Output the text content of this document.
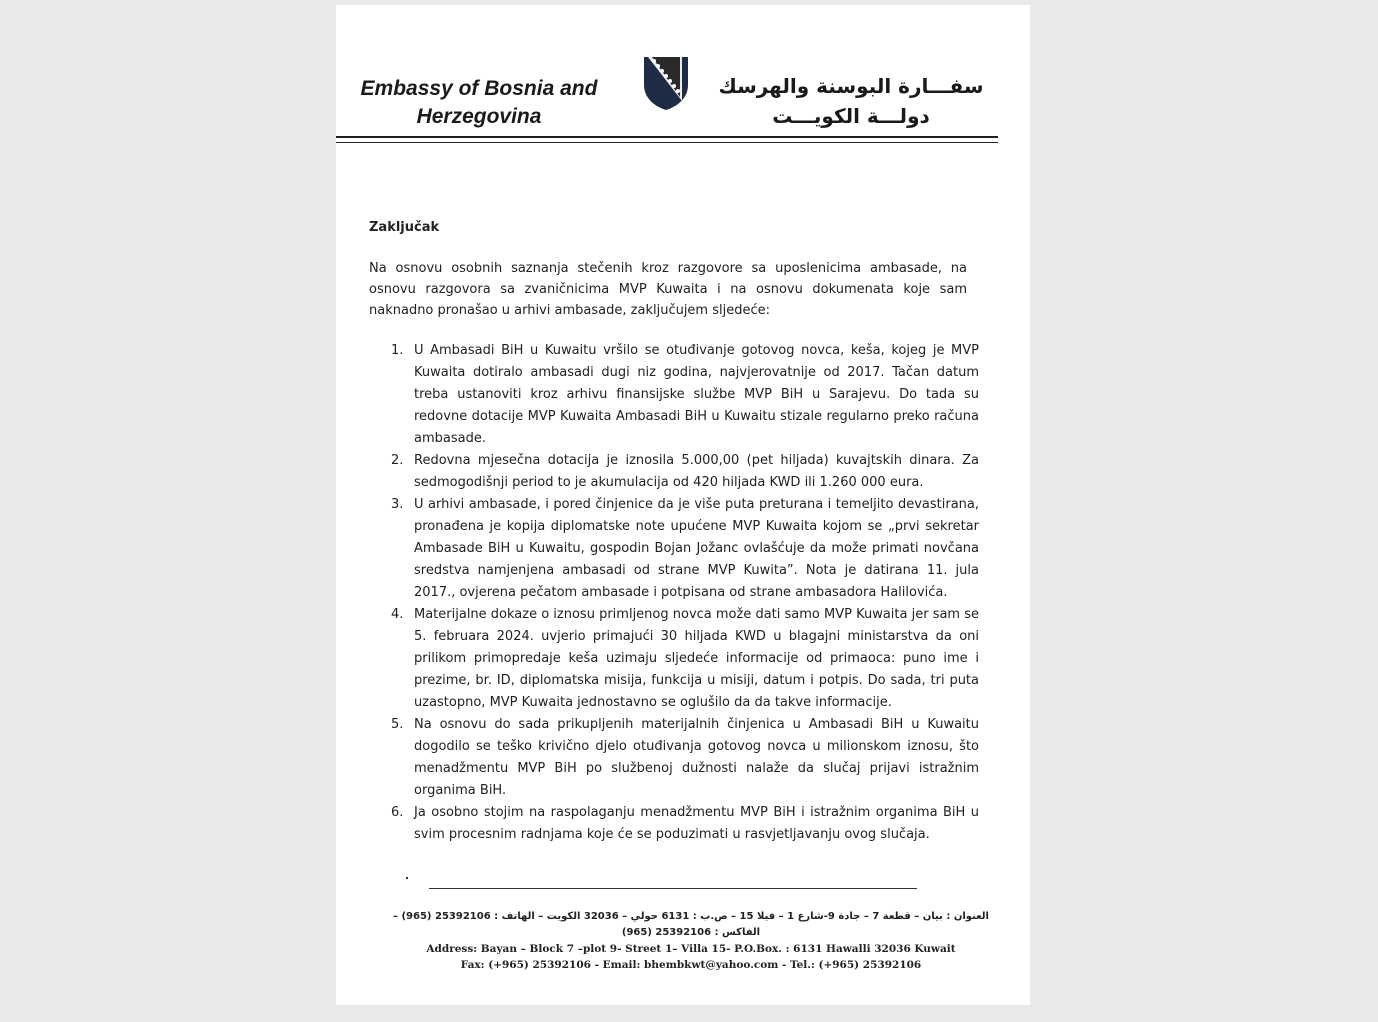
Embassy of Bosnia and
Herzegovina
سفـــارة البوسنة والهرسك
دولـــة الكويـــت
Zaključak
Na osnovu osobnih saznanja stečenih kroz razgovore sa uposlenicima ambasade, na osnovu razgovora sa zvaničnicima MVP Kuwaita i na osnovu dokumenata koje sam naknadno pronašao u arhivi ambasade, zaključujem sljedeće:
1. U Ambasadi BiH u Kuwaitu vršilo se otuđivanje gotovog novca, keša, kojeg je MVP Kuwaita dotiralo ambasadi dugi niz godina, najvjerovatnije od 2017. Tačan datum treba ustanoviti kroz arhivu finansijske službe MVP BiH u Sarajevu. Do tada su redovne dotacije MVP Kuwaita Ambasadi BiH u Kuwaitu stizale regularno preko računa ambasade.
2. Redovna mjesečna dotacija je iznosila 5.000,00 (pet hiljada) kuvajtskih dinara. Za sedmogodišnji period to je akumulacija od 420 hiljada KWD ili 1.260 000 eura.
3. U arhivi ambasade, i pored činjenice da je više puta preturana i temeljito devastirana, pronađena je kopija diplomatske note upućene MVP Kuwaita kojom se „prvi sekretar Ambasade BiH u Kuwaitu, gospodin Bojan Jožanc ovlašćuje da može primati novčana sredstva namjenjena ambasadi od strane MVP Kuwita”. Nota je datirana 11. jula 2017., ovjerena pečatom ambasade i potpisana od strane ambasadora Halilovića.
4. Materijalne dokaze o iznosu primljenog novca može dati samo MVP Kuwaita jer sam se 5. februara 2024. uvjerio primajući 30 hiljada KWD u blagajni ministarstva da oni prilikom primopredaje keša uzimaju sljedeće informacije od primaoca: puno ime i prezime, br. ID, diplomatska misija, funkcija u misiji, datum i potpis. Do sada, tri puta uzastopno, MVP Kuwaita jednostavno se oglušilo da da takve informacije.
5. Na osnovu do sada prikupljenih materijalnih činjenica u Ambasadi BiH u Kuwaitu dogodilo se teško krivično djelo otuđivanja gotovog novca u milionskom iznosu, što menadžmentu MVP BiH po službenoj dužnosti nalaže da slučaj prijavi istražnim organima BiH.
6. Ja osobno stojim na raspolaganju menadžmentu MVP BiH i istražnim organima BiH u svim procesnim radnjama koje će se poduzimati u rasvjetljavanju ovog slučaja.
​
العنوان : بيان – قطعة 7 – جادة 9-شارع 1 – فيلا 15 – ص.ب : 6131 حولي – 32036 الكويت – الهاتف : 25392106 (965) – الفاكس : 25392106 (965)
Address: Bayan – Block 7 –plot 9- Street 1– Villa 15- P.O.Box. : 6131 Hawalli 32036 Kuwait
Fax: (+965) 25392106 - Email: bhembkwt@yahoo.com - Tel.: (+965) 25392106
